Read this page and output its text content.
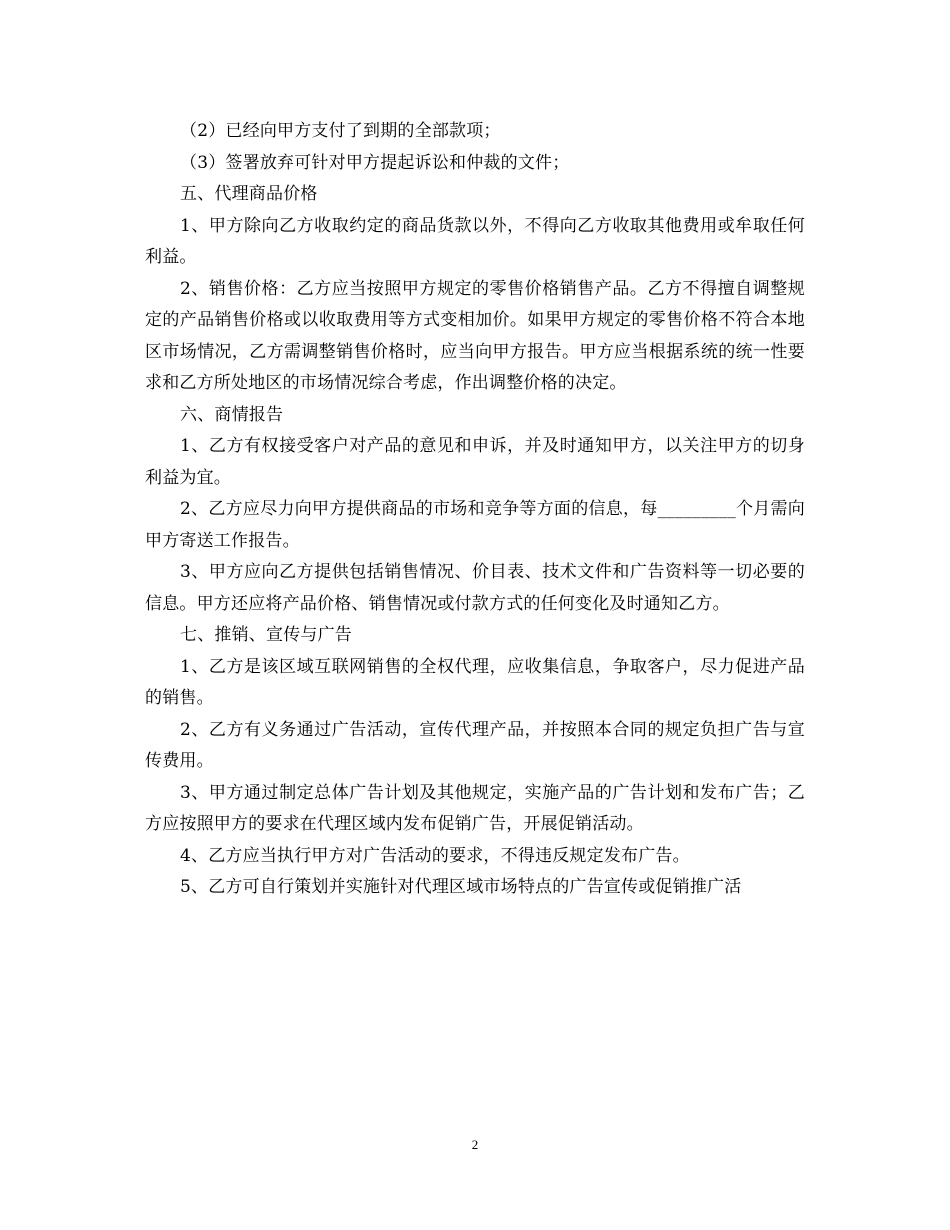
（2）已经向甲方支付了到期的全部款项；

（3）签署放弃可针对甲方提起诉讼和仲裁的文件；

五、代理商品价格

1、甲方除向乙方收取约定的商品货款以外，不得向乙方收取其他费用或牟取任何利益。

2、销售价格：乙方应当按照甲方规定的零售价格销售产品。乙方不得擅自调整规定的产品销售价格或以收取费用等方式变相加价。如果甲方规定的零售价格不符合本地区市场情况，乙方需调整销售价格时，应当向甲方报告。甲方应当根据系统的统一性要求和乙方所处地区的市场情况综合考虑，作出调整价格的决定。

六、商情报告

1、乙方有权接受客户对产品的意见和申诉，并及时通知甲方，以关注甲方的切身利益为宜。

2、乙方应尽力向甲方提供商品的市场和竞争等方面的信息，每_________个月需向甲方寄送工作报告。

3、甲方应向乙方提供包括销售情况、价目表、技术文件和广告资料等一切必要的信息。甲方还应将产品价格、销售情况或付款方式的任何变化及时通知乙方。

七、推销、宣传与广告

1、乙方是该区域互联网销售的全权代理，应收集信息，争取客户，尽力促进产品的销售。

2、乙方有义务通过广告活动，宣传代理产品，并按照本合同的规定负担广告与宣传费用。

3、甲方通过制定总体广告计划及其他规定，实施产品的广告计划和发布广告；乙方应按照甲方的要求在代理区域内发布促销广告，开展促销活动。

4、乙方应当执行甲方对广告活动的要求，不得违反规定发布广告。

5、乙方可自行策划并实施针对代理区域市场特点的广告宣传或促销推广活

2
